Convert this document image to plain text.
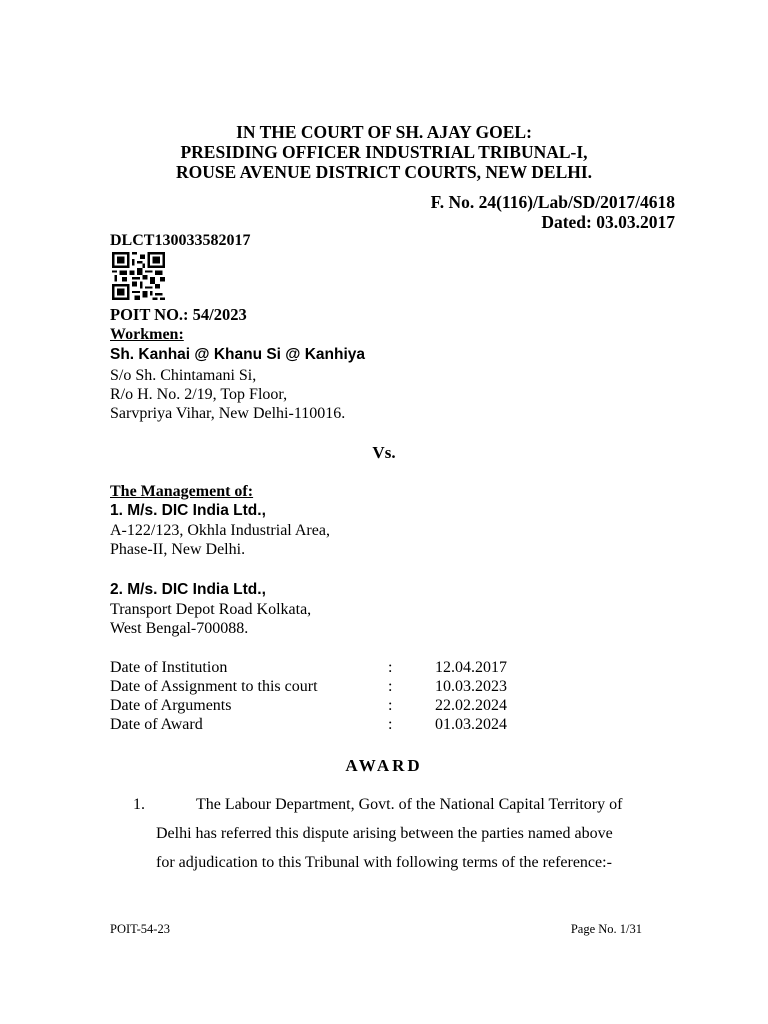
IN THE COURT OF SH. AJAY GOEL:
PRESIDING OFFICER INDUSTRIAL TRIBUNAL-I,
ROUSE AVENUE DISTRICT COURTS, NEW DELHI.
F. No. 24(116)/Lab/SD/2017/4618
Dated: 03.03.2017
DLCT130033582017
POIT NO.: 54/2023
Workmen:
Sh. Kanhai @ Khanu Si @ Kanhiya
S/o Sh. Chintamani Si,
R/o H. No. 2/19, Top Floor,
Sarvpriya Vihar, New Delhi-110016.
Vs.
The Management of:
1. M/s. DIC India Ltd.,
A-122/123, Okhla Industrial Area,
Phase-II, New Delhi.
2. M/s. DIC India Ltd.,
Transport Depot Road Kolkata,
West Bengal-700088.
Date of Institution	:	12.04.2017
Date of Assignment to this court	:	10.03.2023
Date of Arguments	:	22.02.2024
Date of Award	:	01.03.2024
AWARD
1.	The Labour Department, Govt. of the National Capital Territory of
Delhi has referred this dispute arising between the parties named above
for adjudication to this Tribunal with following terms of the reference:-
POIT-54-23	Page No. 1/31
